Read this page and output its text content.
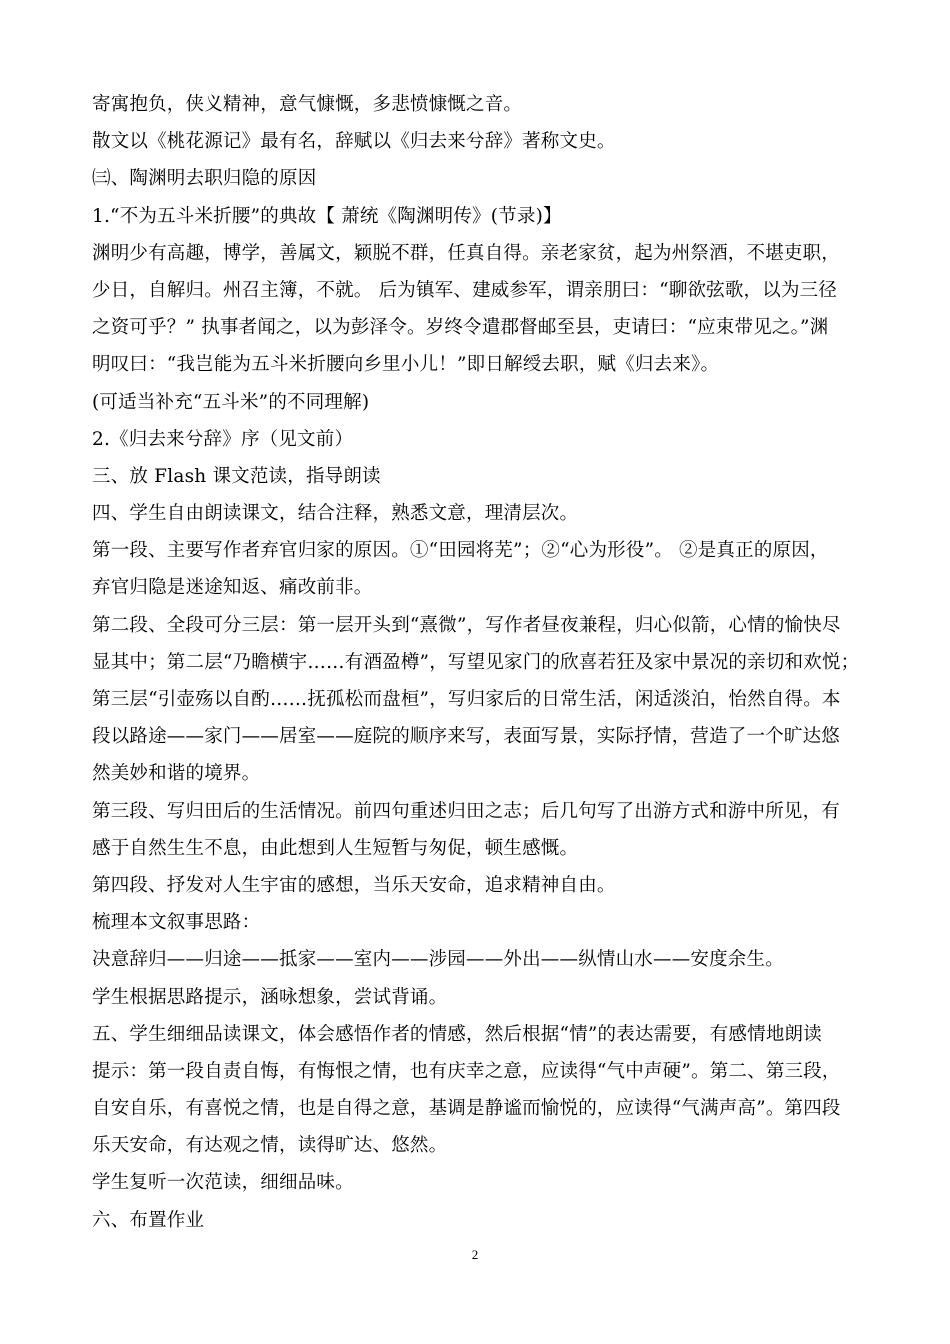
寄寓抱负，侠义精神，意气慷慨，多悲愤慷慨之音。
散文以《桃花源记》最有名，辞赋以《归去来兮辞》著称文史。
㈢、陶渊明去职归隐的原因
1.“不为五斗米折腰”的典故【 萧统《陶渊明传》(节录)】
渊明少有高趣，博学，善属文，颖脱不群，任真自得。亲老家贫，起为州祭酒，不堪吏职，
少日，自解归。州召主簿，不就。 后为镇军、建威参军，谓亲朋曰：“聊欲弦歌，以为三径
之资可乎？” 执事者闻之，以为彭泽令。岁终令遣郡督邮至县，吏请曰：“应束带见之。”渊
明叹曰：“我岂能为五斗米折腰向乡里小儿！”即日解绶去职，赋《归去来》。
(可适当补充“五斗米”的不同理解)
2.《归去来兮辞》序（见文前）
三、放 Flash 课文范读，指导朗读
四、学生自由朗读课文，结合注释，熟悉文意，理清层次。
第一段、主要写作者弃官归家的原因。①“田园将芜”；②“心为形役”。 ②是真正的原因，
弃官归隐是迷途知返、痛改前非。
第二段、全段可分三层：第一层开头到“熹微”，写作者昼夜兼程，归心似箭，心情的愉快尽
显其中；第二层“乃瞻横宇……有酒盈樽”，写望见家门的欣喜若狂及家中景况的亲切和欢悦；
第三层“引壶殇以自酌……抚孤松而盘桓”，写归家后的日常生活，闲适淡泊，怡然自得。本
段以路途——家门——居室——庭院的顺序来写，表面写景，实际抒情，营造了一个旷达悠
然美妙和谐的境界。
第三段、写归田后的生活情况。前四句重述归田之志；后几句写了出游方式和游中所见，有
感于自然生生不息，由此想到人生短暂与匆促，顿生感慨。
第四段、抒发对人生宇宙的感想，当乐天安命，追求精神自由。
梳理本文叙事思路：
决意辞归——归途——抵家——室内——涉园——外出——纵情山水——安度余生。
学生根据思路提示，涵咏想象，尝试背诵。
五、学生细细品读课文，体会感悟作者的情感，然后根据“情”的表达需要，有感情地朗读
提示：第一段自责自悔，有悔恨之情，也有庆幸之意，应读得“气中声硬”。第二、第三段，
自安自乐，有喜悦之情，也是自得之意，基调是静谧而愉悦的，应读得“气满声高”。第四段
乐天安命，有达观之情，读得旷达、悠然。
学生复听一次范读，细细品味。
六、布置作业
2
